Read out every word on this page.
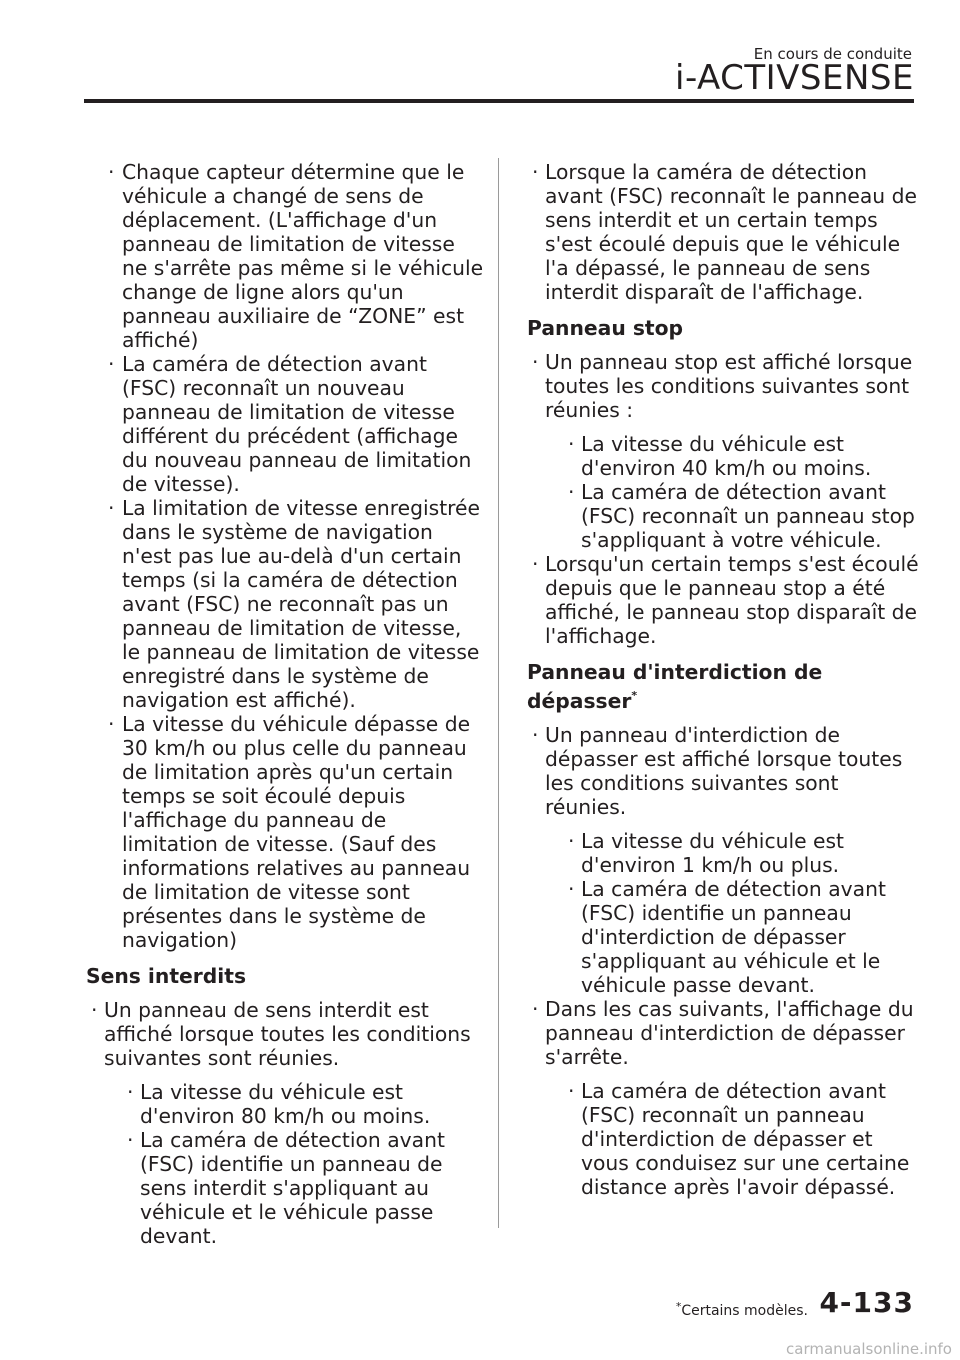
En cours de conduite
i-ACTIVSENSE

· Chaque capteur détermine que le véhicule a changé de sens de déplacement. (L'affichage d'un panneau de limitation de vitesse ne s'arrête pas même si le véhicule change de ligne alors qu'un panneau auxiliaire de “ZONE” est affiché)

· La caméra de détection avant (FSC) reconnaît un nouveau panneau de limitation de vitesse différent du précédent (affichage du nouveau panneau de limitation de vitesse).

· La limitation de vitesse enregistrée dans le système de navigation n'est pas lue au-delà d'un certain temps (si la caméra de détection avant (FSC) ne reconnaît pas un panneau de limitation de vitesse, le panneau de limitation de vitesse enregistré dans le système de navigation est affiché).

· La vitesse du véhicule dépasse de 30 km/h ou plus celle du panneau de limitation après qu'un certain temps se soit écoulé depuis l'affichage du panneau de limitation de vitesse. (Sauf des informations relatives au panneau de limitation de vitesse sont présentes dans le système de navigation)

Sens interdits

· Un panneau de sens interdit est affiché lorsque toutes les conditions suivantes sont réunies.

· La vitesse du véhicule est d'environ 80 km/h ou moins.

· La caméra de détection avant (FSC) identifie un panneau de sens interdit s'appliquant au véhicule et le véhicule passe devant.

· Lorsque la caméra de détection avant (FSC) reconnaît le panneau de sens interdit et un certain temps s'est écoulé depuis que le véhicule l'a dépassé, le panneau de sens interdit disparaît de l'affichage.

Panneau stop

· Un panneau stop est affiché lorsque toutes les conditions suivantes sont réunies :

· La vitesse du véhicule est d'environ 40 km/h ou moins.

· La caméra de détection avant (FSC) reconnaît un panneau stop s'appliquant à votre véhicule.

· Lorsqu'un certain temps s'est écoulé depuis que le panneau stop a été affiché, le panneau stop disparaît de l'affichage.

Panneau d'interdiction de dépasser*

· Un panneau d'interdiction de dépasser est affiché lorsque toutes les conditions suivantes sont réunies.

· La vitesse du véhicule est d'environ 1 km/h ou plus.

· La caméra de détection avant (FSC) identifie un panneau d'interdiction de dépasser s'appliquant au véhicule et le véhicule passe devant.

· Dans les cas suivants, l'affichage du panneau d'interdiction de dépasser s'arrête.

· La caméra de détection avant (FSC) reconnaît un panneau d'interdiction de dépasser et vous conduisez sur une certaine distance après l'avoir dépassé.

*Certains modèles. 4-133
carmanualsonline.info
